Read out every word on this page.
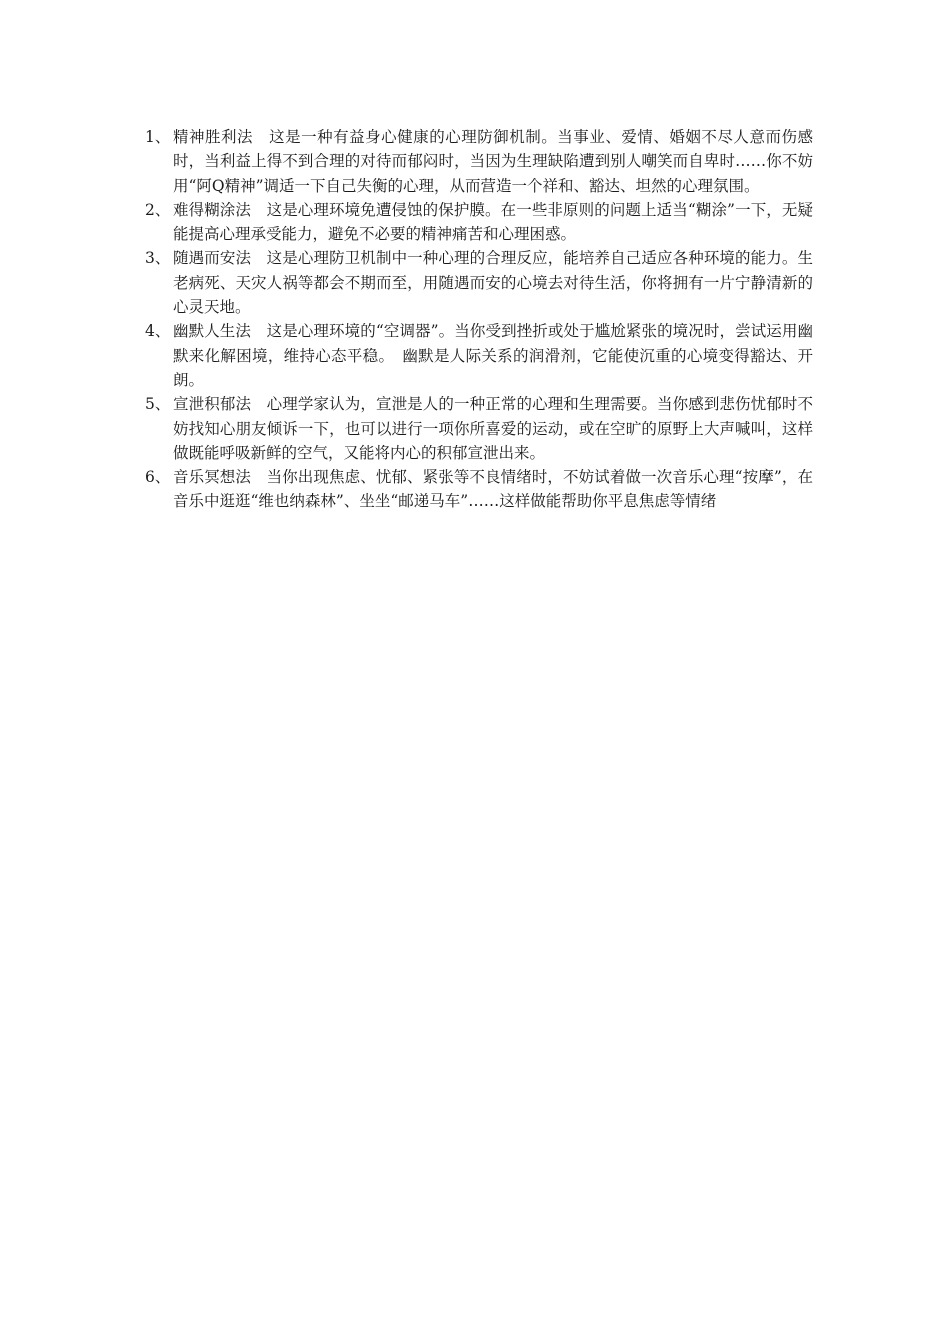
1、 精神胜利法　这是一种有益身心健康的心理防御机制。当事业、爱情、婚姻不尽人意而伤感时，当利益上得不到合理的对待而郁闷时，当因为生理缺陷遭到别人嘲笑而自卑时……你不妨用“阿Q精神”调适一下自己失衡的心理，从而营造一个祥和、豁达、坦然的心理氛围。
2、 难得糊涂法　这是心理环境免遭侵蚀的保护膜。在一些非原则的问题上适当“糊涂”一下，无疑能提高心理承受能力，避免不必要的精神痛苦和心理困惑。
3、 随遇而安法　这是心理防卫机制中一种心理的合理反应，能培养自己适应各种环境的能力。生老病死、天灾人祸等都会不期而至，用随遇而安的心境去对待生活，你将拥有一片宁静清新的心灵天地。
4、 幽默人生法　这是心理环境的“空调器”。当你受到挫折或处于尴尬紧张的境况时，尝试运用幽默来化解困境，维持心态平稳。　幽默是人际关系的润滑剂，它能使沉重的心境变得豁达、开朗。
5、 宣泄积郁法　心理学家认为，宣泄是人的一种正常的心理和生理需要。当你感到悲伤忧郁时不妨找知心朋友倾诉一下，也可以进行一项你所喜爱的运动，或在空旷的原野上大声喊叫，这样做既能呼吸新鲜的空气，又能将内心的积郁宣泄出来。
6、 音乐冥想法　当你出现焦虑、忧郁、紧张等不良情绪时，不妨试着做一次音乐心理“按摩”，在音乐中逛逛“维也纳森林”、坐坐“邮递马车”……这样做能帮助你平息焦虑等情绪
